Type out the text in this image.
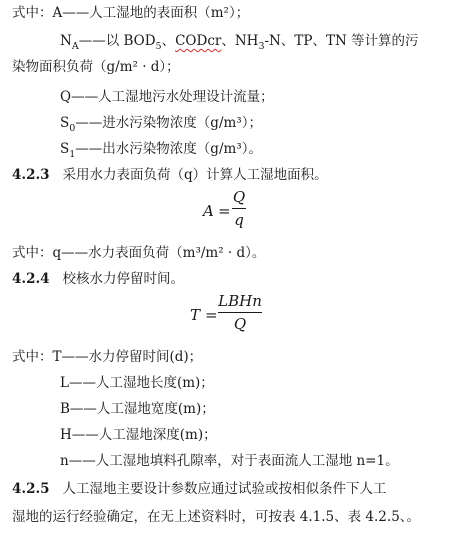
式中：A——人工湿地的表面积（m²）；
$N_A——$以 $BOD_5$、CODcr、$NH_3-N$、TP、TN 等计算的污
染物面积负荷（g/m² · d）；
Q——人工湿地污水处理设计流量；
$S_0——$进水污染物浓度（g/m³）；
$S_1——$出水污染物浓度（g/m³）。
4.2.3 采用水力表面负荷（q）计算人工湿地面积。
A =
Q
q
式中：q——水力表面负荷（m³/m² · d）。
4.2.4 校核水力停留时间。
T =
LBHn
Q
式中：T——水力停留时间(d)；
L——人工湿地长度(m)；
B——人工湿地宽度(m)；
H——人工湿地深度(m)；
n——人工湿地填料孔隙率，对于表面流人工湿地 n=1。
4.2.5 人工湿地主要设计参数应通过试验或按相似条件下人工
湿地的运行经验确定，在无上述资料时，可按表 4.1.5、表 4.2.5、。
